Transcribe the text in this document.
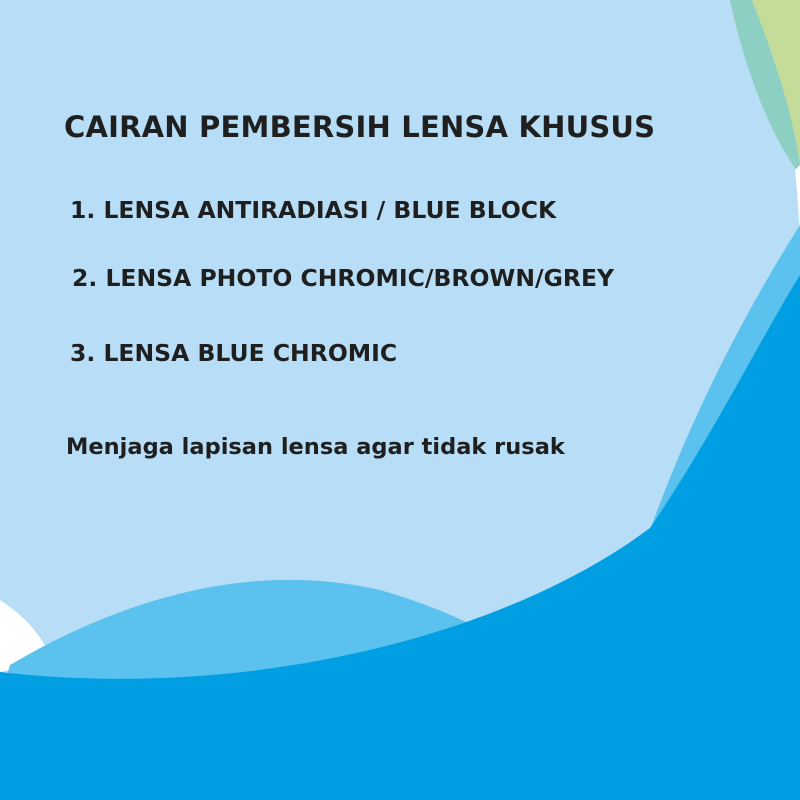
CAIRAN PEMBERSIH LENSA KHUSUS

1. LENSA ANTIRADIASI / BLUE BLOCK

2. LENSA PHOTO CHROMIC/BROWN/GREY

3. LENSA BLUE CHROMIC

Menjaga lapisan lensa agar tidak rusak
